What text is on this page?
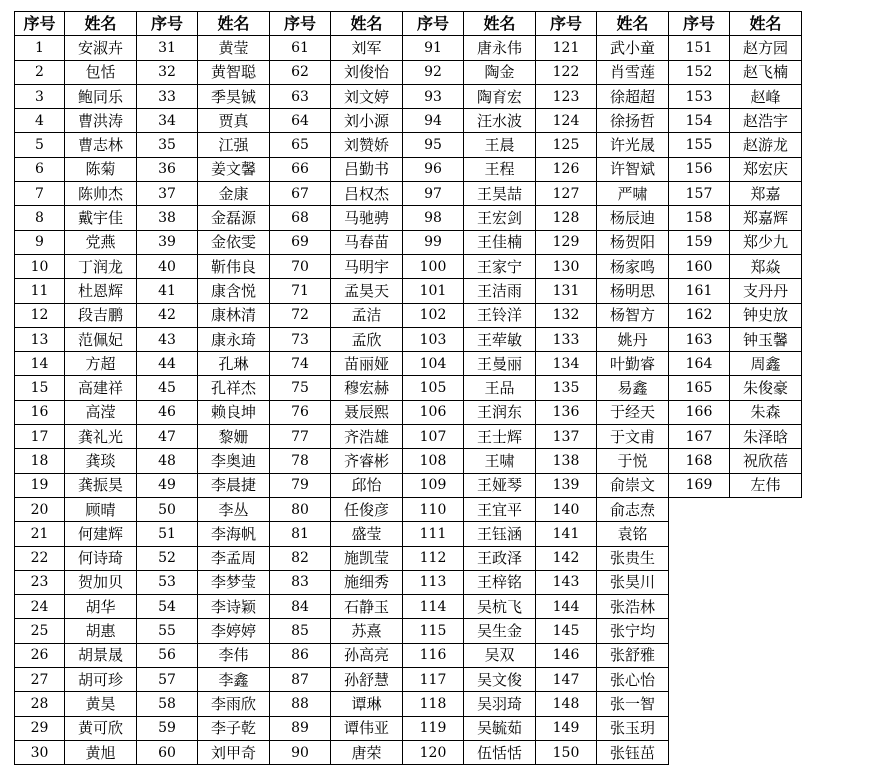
序号	姓名	序号	姓名	序号	姓名	序号	姓名	序号	姓名	序号	姓名
1	安淑卉	31	黄莹	61	刘军	91	唐永伟	121	武小童	151	赵方园
2	包恬	32	黄智聪	62	刘俊怡	92	陶金	122	肖雪莲	152	赵飞楠
3	鲍同乐	33	季昊铖	63	刘文婷	93	陶育宏	123	徐超超	153	赵峰
4	曹洪涛	34	贾真	64	刘小源	94	汪水波	124	徐扬哲	154	赵浩宇
5	曹志林	35	江强	65	刘赞娇	95	王晨	125	许光晟	155	赵游龙
6	陈菊	36	姜文馨	66	吕勤书	96	王程	126	许智斌	156	郑宏庆
7	陈帅杰	37	金康	67	吕权杰	97	王昊喆	127	严啸	157	郑嘉
8	戴宇佳	38	金磊源	68	马驰骋	98	王宏剑	128	杨辰迪	158	郑嘉辉
9	党燕	39	金依雯	69	马春苗	99	王佳楠	129	杨贺阳	159	郑少九
10	丁润龙	40	靳伟良	70	马明宇	100	王家宁	130	杨家鸣	160	郑焱
11	杜恩辉	41	康含悦	71	孟昊天	101	王洁雨	131	杨明思	161	支丹丹
12	段吉鹏	42	康林清	72	孟洁	102	王铃洋	132	杨智方	162	钟史放
13	范佩妃	43	康永琦	73	孟欣	103	王荦敏	133	姚丹	163	钟玉馨
14	方超	44	孔琳	74	苗丽娅	104	王曼丽	134	叶勤睿	164	周鑫
15	高建祥	45	孔祥杰	75	穆宏赫	105	王品	135	易鑫	165	朱俊豪
16	高滢	46	赖良坤	76	聂辰熙	106	王润东	136	于经天	166	朱森
17	龚礼光	47	黎姗	77	齐浩雄	107	王士辉	137	于文甫	167	朱泽晗
18	龚琰	48	李奥迪	78	齐睿彬	108	王啸	138	于悦	168	祝欣蓓
19	龚振昊	49	李晨捷	79	邱怡	109	王娅琴	139	俞崇文	169	左伟
20	顾晴	50	李丛	80	任俊彦	110	王宜平	140	俞志焘		
21	何建辉	51	李海帆	81	盛莹	111	王钰涵	141	袁铭		
22	何诗琦	52	李孟周	82	施凯莹	112	王政泽	142	张贵生		
23	贺加贝	53	李梦莹	83	施细秀	113	王梓铭	143	张昊川		
24	胡华	54	李诗颖	84	石静玉	114	吴杭飞	144	张浩林		
25	胡惠	55	李婷婷	85	苏熹	115	吴生金	145	张宁均		
26	胡景晟	56	李伟	86	孙高亮	116	吴双	146	张舒雅		
27	胡可珍	57	李鑫	87	孙舒慧	117	吴文俊	147	张心怡		
28	黄昊	58	李雨欣	88	谭琳	118	吴羽琦	148	张一智		
29	黄可欣	59	李子乾	89	谭伟亚	119	吴毓茹	149	张玉玥		
30	黄旭	60	刘甲奇	90	唐荣	120	伍恬恬	150	张钰茁		
